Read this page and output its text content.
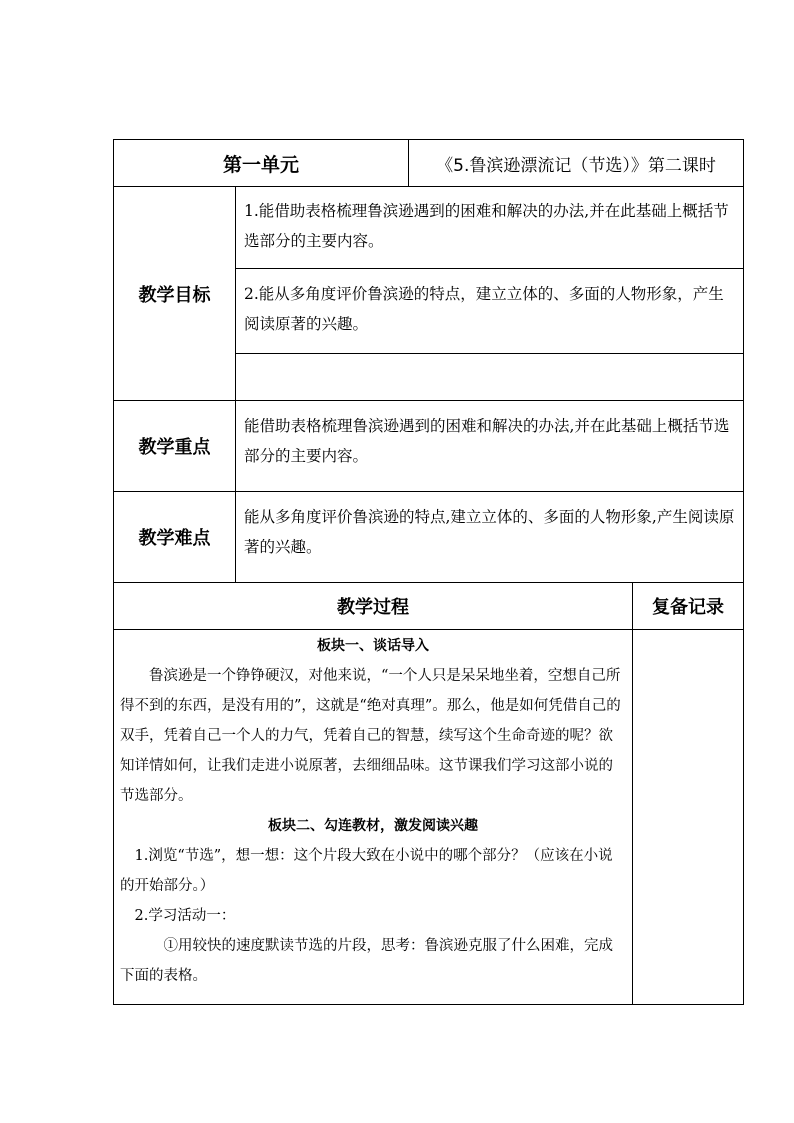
第一单元	《5.鲁滨逊漂流记（节选）》第二课时
教学目标
1.能借助表格梳理鲁滨逊遇到的困难和解决的办法,并在此基础上概括节选部分的主要内容。
2.能从多角度评价鲁滨逊的特点，建立立体的、多面的人物形象，产生阅读原著的兴趣。
教学重点
能借助表格梳理鲁滨逊遇到的困难和解决的办法,并在此基础上概括节选部分的主要内容。
教学难点
能从多角度评价鲁滨逊的特点,建立立体的、多面的人物形象,产生阅读原著的兴趣。
教学过程	复备记录

板块一、谈话导入

鲁滨逊是一个铮铮硬汉，对他来说，“一个人只是呆呆地坐着，空想自己所得不到的东西，是没有用的”，这就是“绝对真理”。那么，他是如何凭借自己的双手，凭着自己一个人的力气，凭着自己的智慧，续写这个生命奇迹的呢？欲知详情如何，让我们走进小说原著，去细细品味。这节课我们学习这部小说的节选部分。

板块二、勾连教材，激发阅读兴趣

1.浏览“节选”，想一想：这个片段大致在小说中的哪个部分？（应该在小说的开始部分。）

2.学习活动一：

①用较快的速度默读节选的片段，思考：鲁滨逊克服了什么困难，完成下面的表格。
